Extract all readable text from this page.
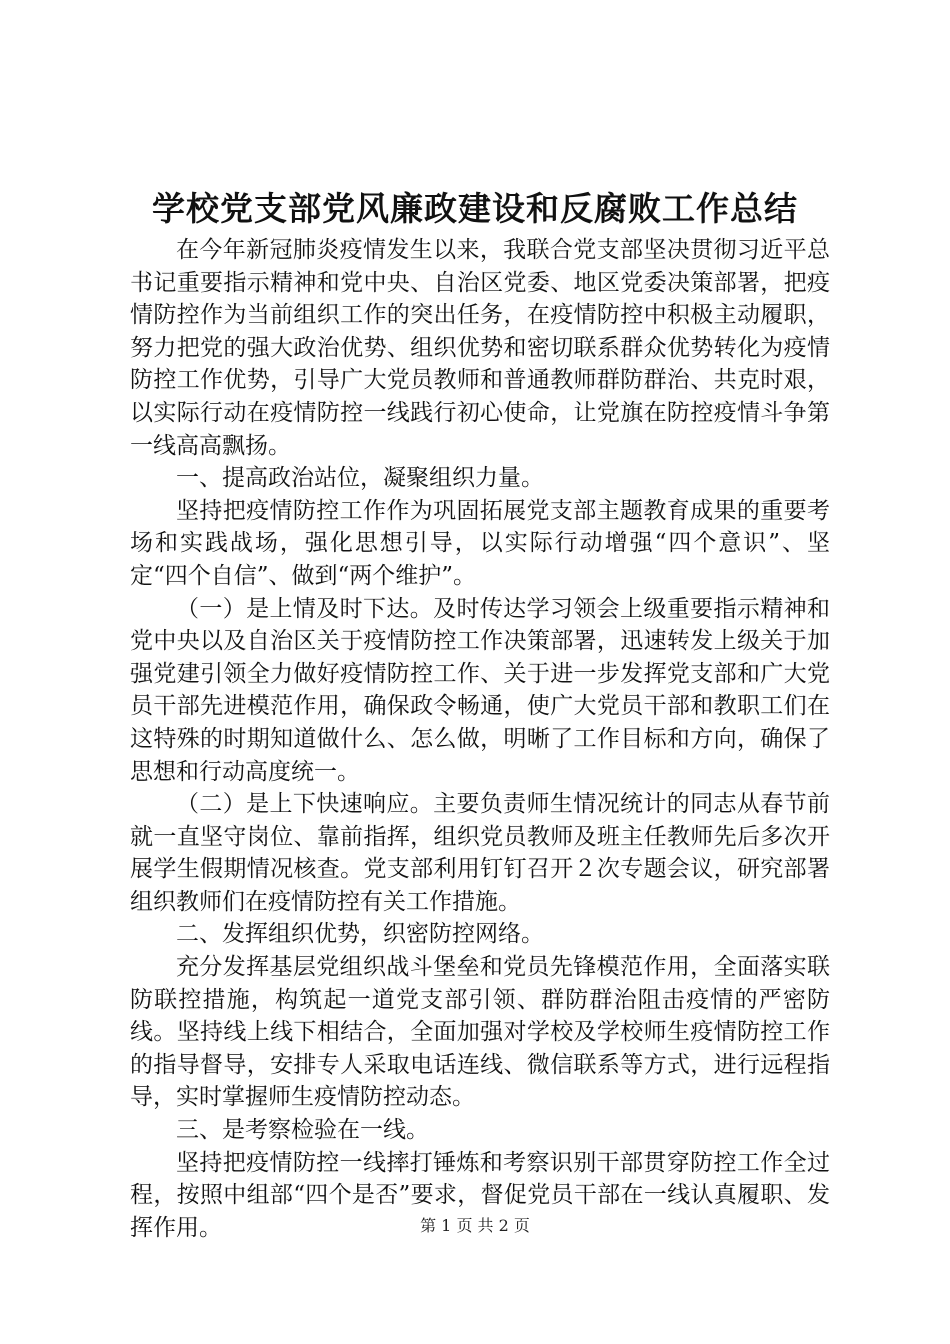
学校党支部党风廉政建设和反腐败工作总结

在今年新冠肺炎疫情发生以来，我联合党支部坚决贯彻习近平总书记重要指示精神和党中央、自治区党委、地区党委决策部署，把疫情防控作为当前组织工作的突出任务，在疫情防控中积极主动履职，努力把党的强大政治优势、组织优势和密切联系群众优势转化为疫情防控工作优势，引导广大党员教师和普通教师群防群治、共克时艰，以实际行动在疫情防控一线践行初心使命，让党旗在防控疫情斗争第一线高高飘扬。

一、提高政治站位，凝聚组织力量。

坚持把疫情防控工作作为巩固拓展党支部主题教育成果的重要考场和实践战场，强化思想引导，以实际行动增强“四个意识”、坚定“四个自信”、做到“两个维护”。

（一）是上情及时下达。及时传达学习领会上级重要指示精神和党中央以及自治区关于疫情防控工作决策部署，迅速转发上级关于加强党建引领全力做好疫情防控工作、关于进一步发挥党支部和广大党员干部先进模范作用，确保政令畅通，使广大党员干部和教职工们在这特殊的时期知道做什么、怎么做，明晰了工作目标和方向，确保了思想和行动高度统一。

（二）是上下快速响应。主要负责师生情况统计的同志从春节前就一直坚守岗位、靠前指挥，组织党员教师及班主任教师先后多次开展学生假期情况核查。党支部利用钉钉召开２次专题会议，研究部署组织教师们在疫情防控有关工作措施。

二、发挥组织优势，织密防控网络。

充分发挥基层党组织战斗堡垒和党员先锋模范作用，全面落实联防联控措施，构筑起一道党支部引领、群防群治阻击疫情的严密防线。坚持线上线下相结合，全面加强对学校及学校师生疫情防控工作的指导督导，安排专人采取电话连线、微信联系等方式，进行远程指导，实时掌握师生疫情防控动态。

三、是考察检验在一线。

坚持把疫情防控一线摔打锤炼和考察识别干部贯穿防控工作全过程，按照中组部“四个是否”要求，督促党员干部在一线认真履职、发挥作用。	第 1 页 共 2 页
